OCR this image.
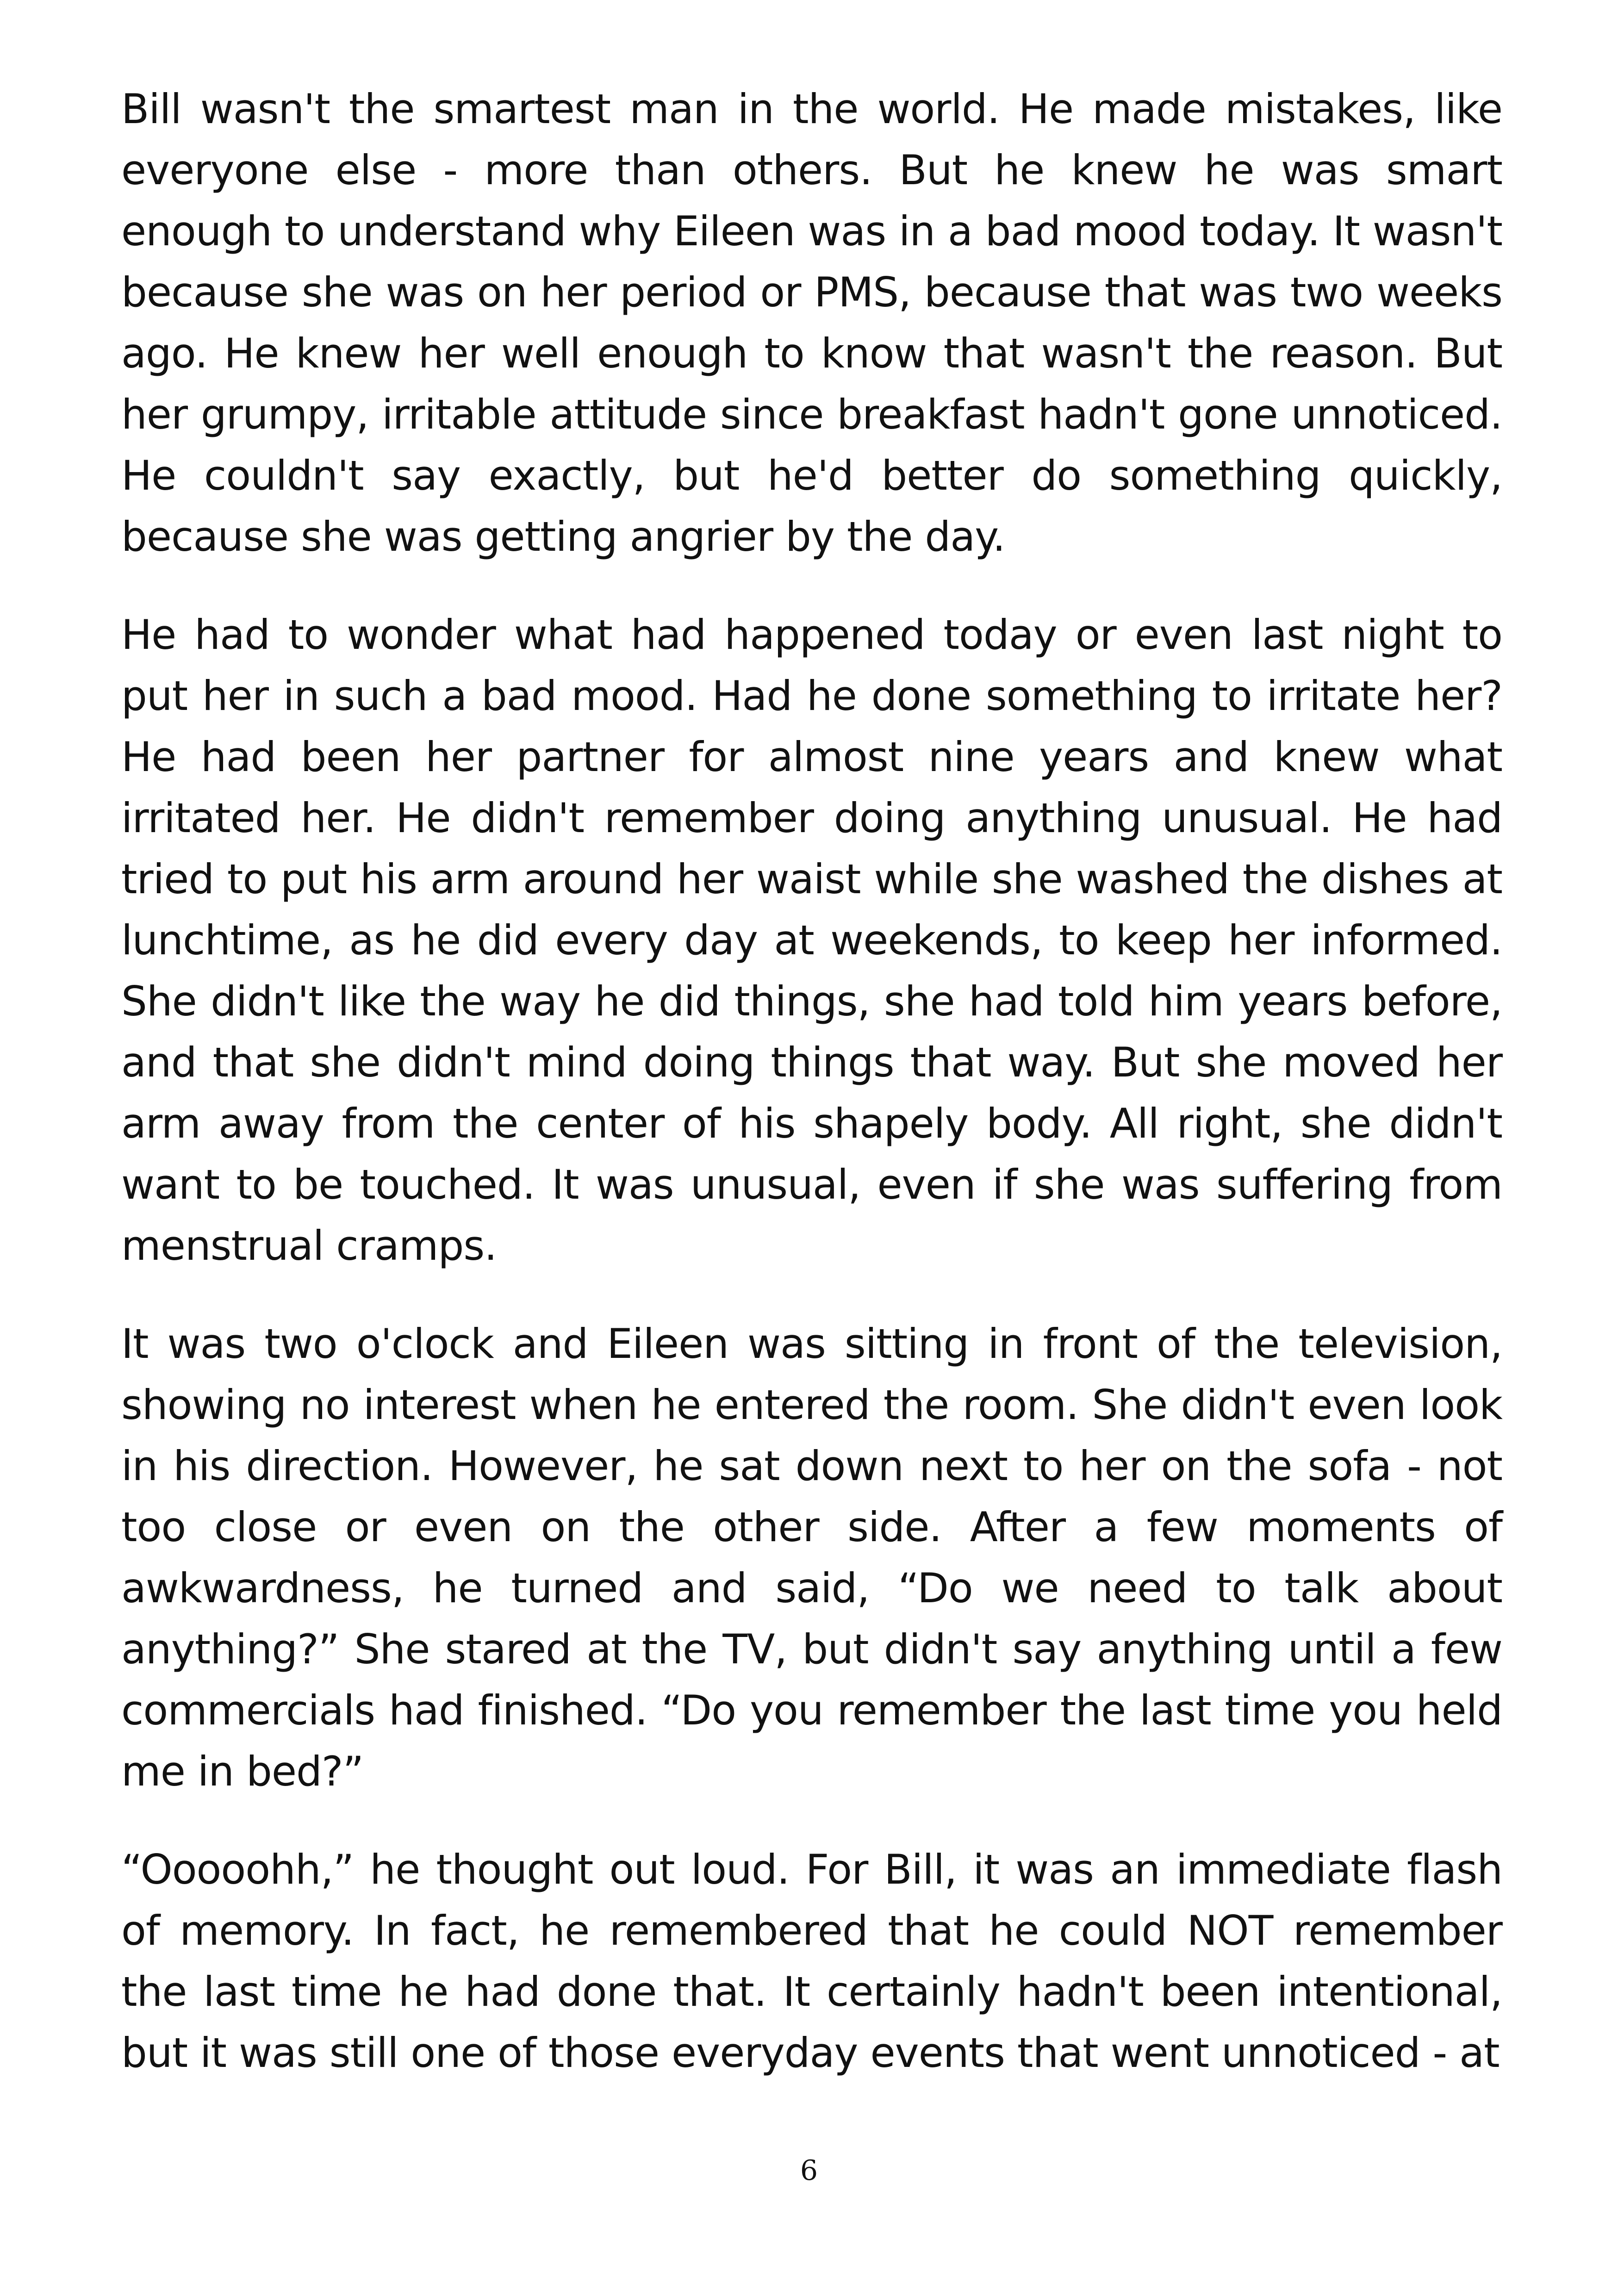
Bill wasn't the smartest man in the world. He made mistakes, like everyone else - more than others. But he knew he was smart enough to understand why Eileen was in a bad mood today. It wasn't because she was on her period or PMS, because that was two weeks ago. He knew her well enough to know that wasn't the reason. But her grumpy, irritable attitude since breakfast hadn't gone unnoticed. He couldn't say exactly, but he'd better do something quickly, because she was getting angrier by the day.

He had to wonder what had happened today or even last night to put her in such a bad mood. Had he done something to irritate her? He had been her partner for almost nine years and knew what irritated her. He didn't remember doing anything unusual. He had tried to put his arm around her waist while she washed the dishes at lunchtime, as he did every day at weekends, to keep her informed. She didn't like the way he did things, she had told him years before, and that she didn't mind doing things that way. But she moved her arm away from the center of his shapely body. All right, she didn't want to be touched. It was unusual, even if she was suffering from menstrual cramps.

It was two o'clock and Eileen was sitting in front of the television, showing no interest when he entered the room. She didn't even look in his direction. However, he sat down next to her on the sofa - not too close or even on the other side. After a few moments of awkwardness, he turned and said, “Do we need to talk about anything?” She stared at the TV, but didn't say anything until a few commercials had finished. “Do you remember the last time you held me in bed?”

“Ooooohh,” he thought out loud. For Bill, it was an immediate flash of memory. In fact, he remembered that he could NOT remember the last time he had done that. It certainly hadn't been intentional, but it was still one of those everyday events that went unnoticed - at

6
